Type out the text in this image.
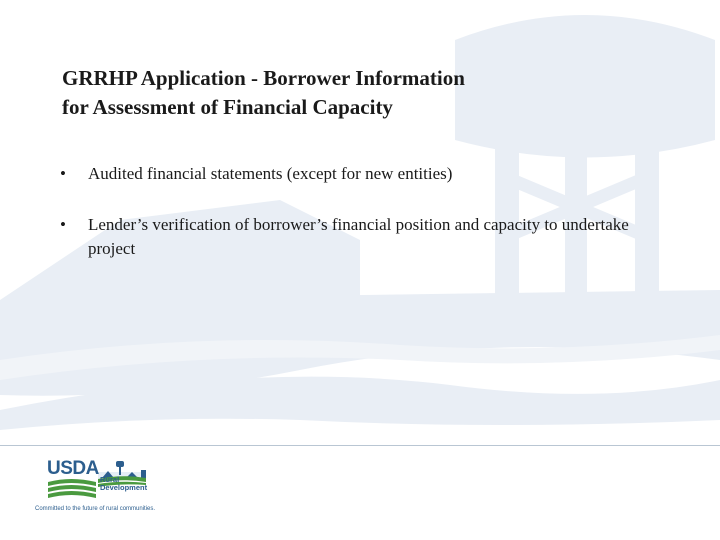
GRRHP Application - Borrower Information
for Assessment of Financial Capacity
• Audited financial statements (except for new entities)
• Lender’s verification of borrower’s financial position and capacity to undertake project
USDA
Rural
Development
Committed to the future of rural communities.
